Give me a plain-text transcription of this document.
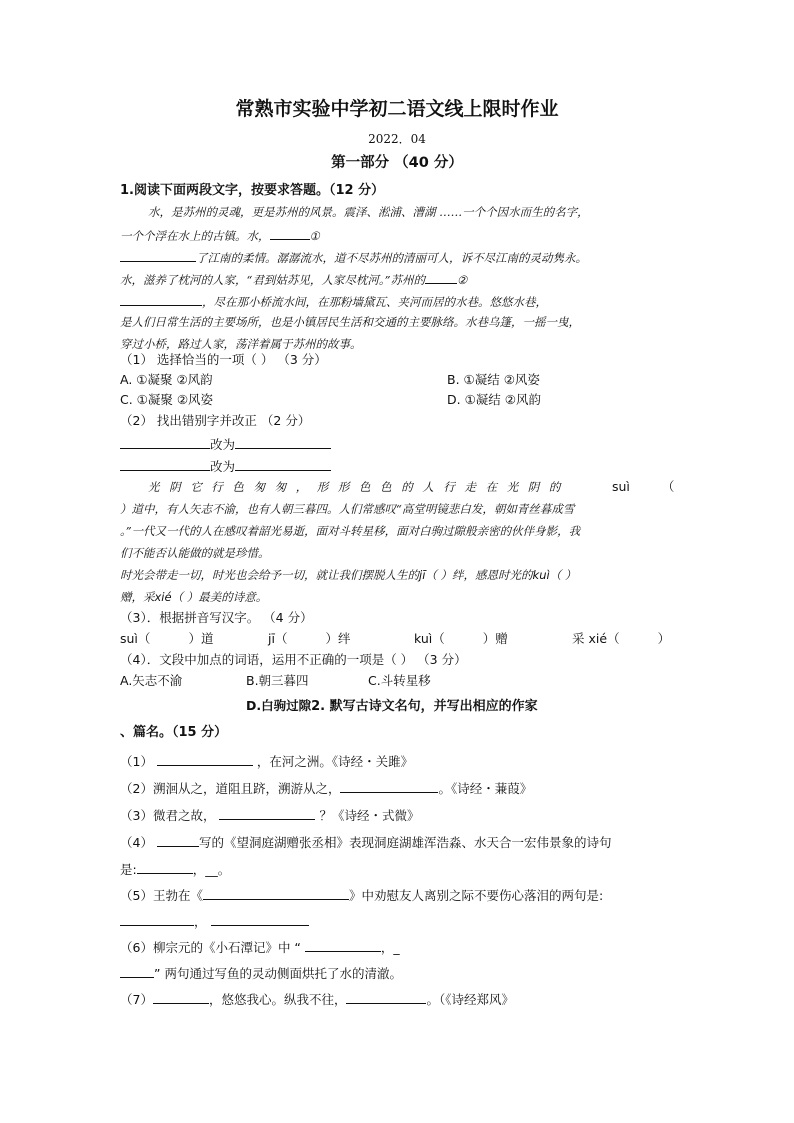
常熟市实验中学初二语文线上限时作业
2022．04
第一部分 （40 分）
1.阅读下面两段文字，按要求答题。（12 分）
水，是苏州的灵魂，更是苏州的风景。震泽、淞浦、漕湖 ……一个个因水而生的名字，
一个个浮在水上的古镇。水，	①
了江南的柔情。潺潺流水，道不尽苏州的清丽可人，诉不尽江南的灵动隽永。
水，滋养了枕河的人家，“君到姑苏见，人家尽枕河。”苏州的	②
，尽在那小桥流水间，在那粉墙黛瓦、夹河而居的水巷。悠悠水巷，
是人们日常生活的主要场所，也是小镇居民生活和交通的主要脉络。水巷乌篷，一摇一曳，
穿过小桥，路过人家，荡洋着属于苏州的故事。
（1） 选择恰当的一项（ ） （3 分）
A. ①凝聚 ②风韵	B. ①凝结 ②风姿
C. ①凝聚 ②风姿	D. ①凝结 ②风韵
（2） 找出错别字并改正 （2 分）
改为
改为
光阴它行色匆匆，形形色色的人行走在光阴的	suì	（
）道中，有人矢志不渝，也有人朝三暮四。人们常感叹“高堂明镜悲白发，朝如青丝暮成雪
。”一代又一代的人在感叹着韶光易逝，面对斗转星移，面对白驹过隙般亲密的伙伴身影，我
们不能否认能做的就是珍惜。
时光会带走一切，时光也会给予一切，就让我们摆脱人生的jī（ ）绊，感恩时光的kuì（ ）
赠，采xié（ ）最美的诗意。
（3）．根据拼音写汉字。 （4 分）
suì（	）道	jī（	）绊	kuì（	）赠	采 xié（	）
（4）．文段中加点的词语，运用不正确的一项是（ ） （3 分）
A.矢志不渝	B.朝三暮四	C.斗转星移
D.白驹过隙2. 默写古诗文名句，并写出相应的作家
、篇名。（15 分）
（1）	，在河之洲。《诗经・关雎》
（2）溯洄从之，道阻且跻，溯游从之，	。《诗经・蒹葭》
（3）微君之故，	？《诗经・式微》
（4）	写的《望洞庭湖赠张丞相》表现洞庭湖雄浑浩淼、水天合一宏伟景象的诗句
是:	，__。
（5）王勃在《	》中劝慰友人离别之际不要伤心落泪的两句是:
，
（6）柳宗元的《小石潭记》中 “	，_
” 两句通过写鱼的灵动侧面烘托了水的清澈。
（7）	，悠悠我心。纵我不往，	。（《诗经郑风》
